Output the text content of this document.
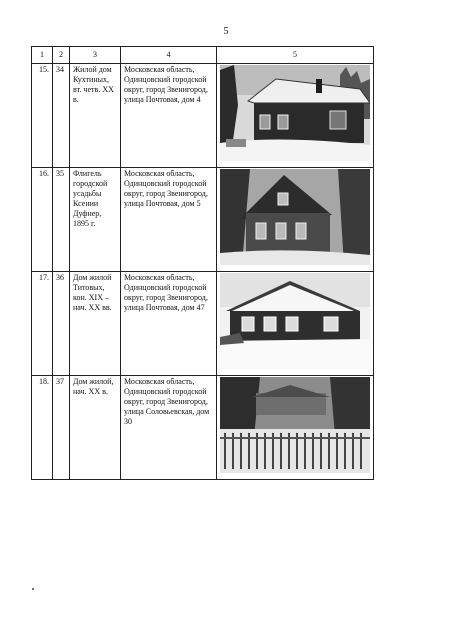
5
1	2	3	4	5
15.	34	Жилой дом Кухтиных, вт. четв. XX в.	Московская область, Одинцовский городской округ, город Звенигород, улица Почтовая, дом 4	

16.	35	Флигель городской усадьбы Ксении Дуфнер, 1895 г.	Московская область, Одинцовский городской округ, город Звенигород, улица Почтовая, дом 5	

17.	36	Дом жилой Титовых, кон. XIX – нач. XX вв.	Московская область, Одинцовский городской округ, город Звенигород, улица Почтовая, дом 47	

18.	37	Дом жилой, нач. XX в.	Московская область, Одинцовский городской округ, город Звенигород, улица Соловьевская, дом 30	
